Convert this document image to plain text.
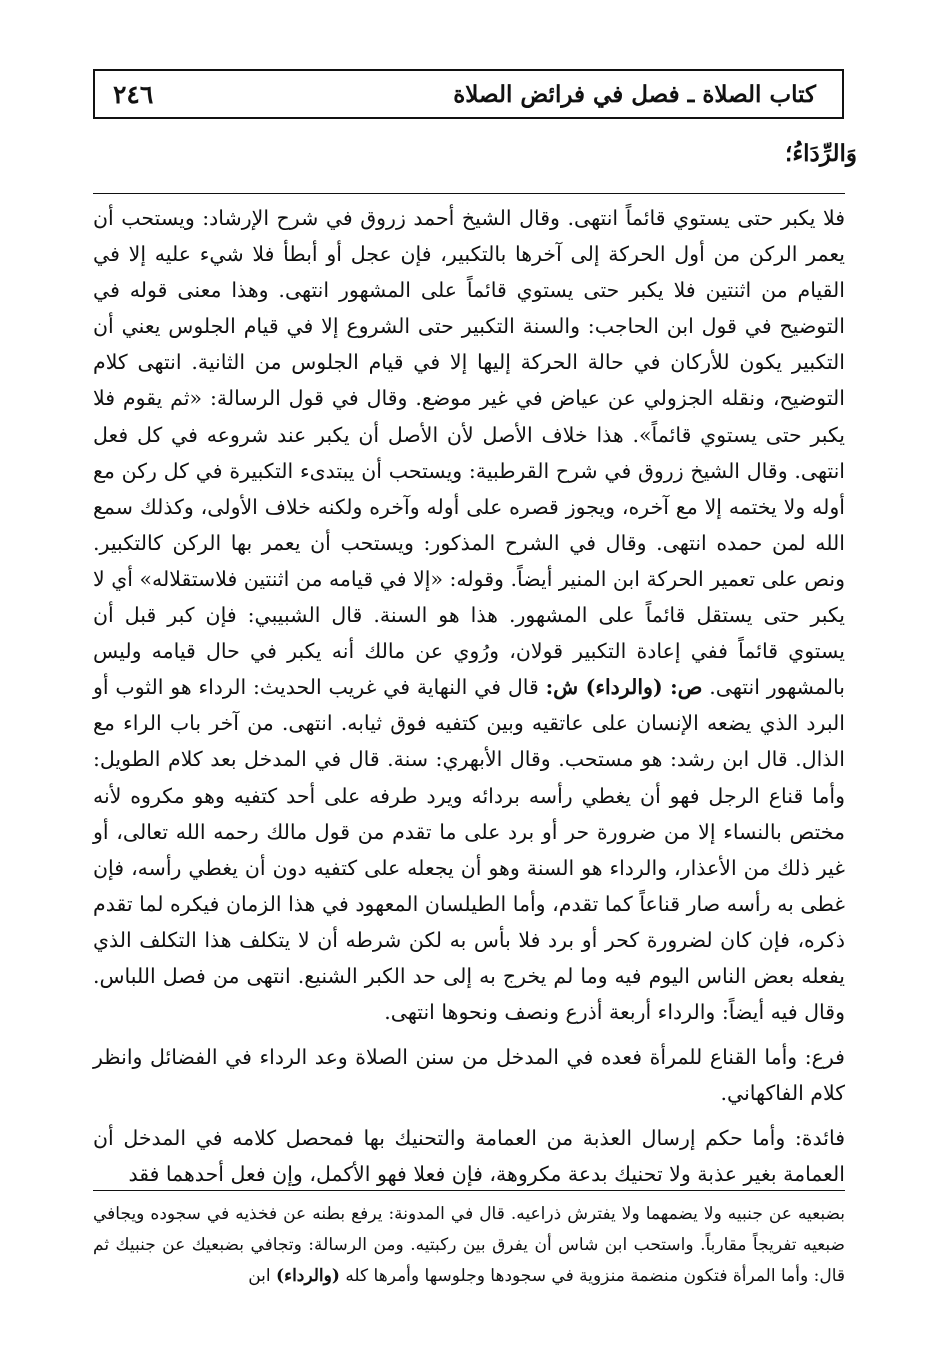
٢٤٦	كتاب الصلاة ـ فصل في فرائض الصلاة
وَالرِّدَاءُ؛

فلا يكبر حتى يستوي قائماً انتهى. وقال الشيخ أحمد زروق في شرح الإرشاد: ويستحب أن يعمر الركن من أول الحركة إلى آخرها بالتكبير، فإن عجل أو أبطأ فلا شيء عليه إلا في القيام من اثنتين فلا يكبر حتى يستوي قائماً على المشهور انتهى. وهذا معنى قوله في التوضيح في قول ابن الحاجب: والسنة التكبير حتى الشروع إلا في قيام الجلوس يعني أن التكبير يكون للأركان في حالة الحركة إليها إلا في قيام الجلوس من الثانية. انتهى كلام التوضيح، ونقله الجزولي عن عياض في غير موضع. وقال في قول الرسالة: «ثم يقوم فلا يكبر حتى يستوي قائماً». هذا خلاف الأصل لأن الأصل أن يكبر عند شروعه في كل فعل انتهى. وقال الشيخ زروق في شرح القرطبية: ويستحب أن يبتدىء التكبيرة في كل ركن مع أوله ولا يختمه إلا مع آخره، ويجوز قصره على أوله وآخره ولكنه خلاف الأولى، وكذلك سمع الله لمن حمده انتهى. وقال في الشرح المذكور: ويستحب أن يعمر بها الركن كالتكبير. ونص على تعمير الحركة ابن المنير أيضاً. وقوله: «إلا في قيامه من اثنتين فلاستقلاله» أي لا يكبر حتى يستقل قائماً على المشهور. هذا هو السنة. قال الشبيبي: فإن كبر قبل أن يستوي قائماً ففي إعادة التكبير قولان، ورُوي عن مالك أنه يكبر في حال قيامه وليس بالمشهور انتهى. ص: (والرداء) ش: قال في النهاية في غريب الحديث: الرداء هو الثوب أو البرد الذي يضعه الإنسان على عاتقيه وبين كتفيه فوق ثيابه. انتهى. من آخر باب الراء مع الذال. قال ابن رشد: هو مستحب. وقال الأبهري: سنة. قال في المدخل بعد كلام الطويل: وأما قناع الرجل فهو أن يغطي رأسه بردائه ويرد طرفه على أحد كتفيه وهو مكروه لأنه مختص بالنساء إلا من ضرورة حر أو برد على ما تقدم من قول مالك رحمه الله تعالى، أو غير ذلك من الأعذار، والرداء هو السنة وهو أن يجعله على كتفيه دون أن يغطي رأسه، فإن غطى به رأسه صار قناعاً كما تقدم، وأما الطيلسان المعهود في هذا الزمان فيكره لما تقدم ذكره، فإن كان لضرورة كحر أو برد فلا بأس به لكن شرطه أن لا يتكلف هذا التكلف الذي يفعله بعض الناس اليوم فيه وما لم يخرج به إلى حد الكبر الشنيع. انتهى من فصل اللباس. وقال فيه أيضاً: والرداء أربعة أذرع ونصف ونحوها انتهى.

فرع: وأما القناع للمرأة فعده في المدخل من سنن الصلاة وعد الرداء في الفضائل وانظر كلام الفاكهاني.

فائدة: وأما حكم إرسال العذبة من العمامة والتحنيك بها فمحصل كلامه في المدخل أن العمامة بغير عذبة ولا تحنيك بدعة مكروهة، فإن فعلا فهو الأكمل، وإن فعل أحدهما فقد

بضبعيه عن جنبيه ولا يضمهما ولا يفترش ذراعيه. قال في المدونة: يرفع بطنه عن فخذيه في سجوده ويجافي ضبعيه تفريجاً مقارباً. واستحب ابن شاس أن يفرق بين ركبتيه. ومن الرسالة: وتجافي بضبعيك عن جنبيك ثم قال: وأما المرأة فتكون منضمة منزوية في سجودها وجلوسها وأمرها كله (والرداء) ابن
